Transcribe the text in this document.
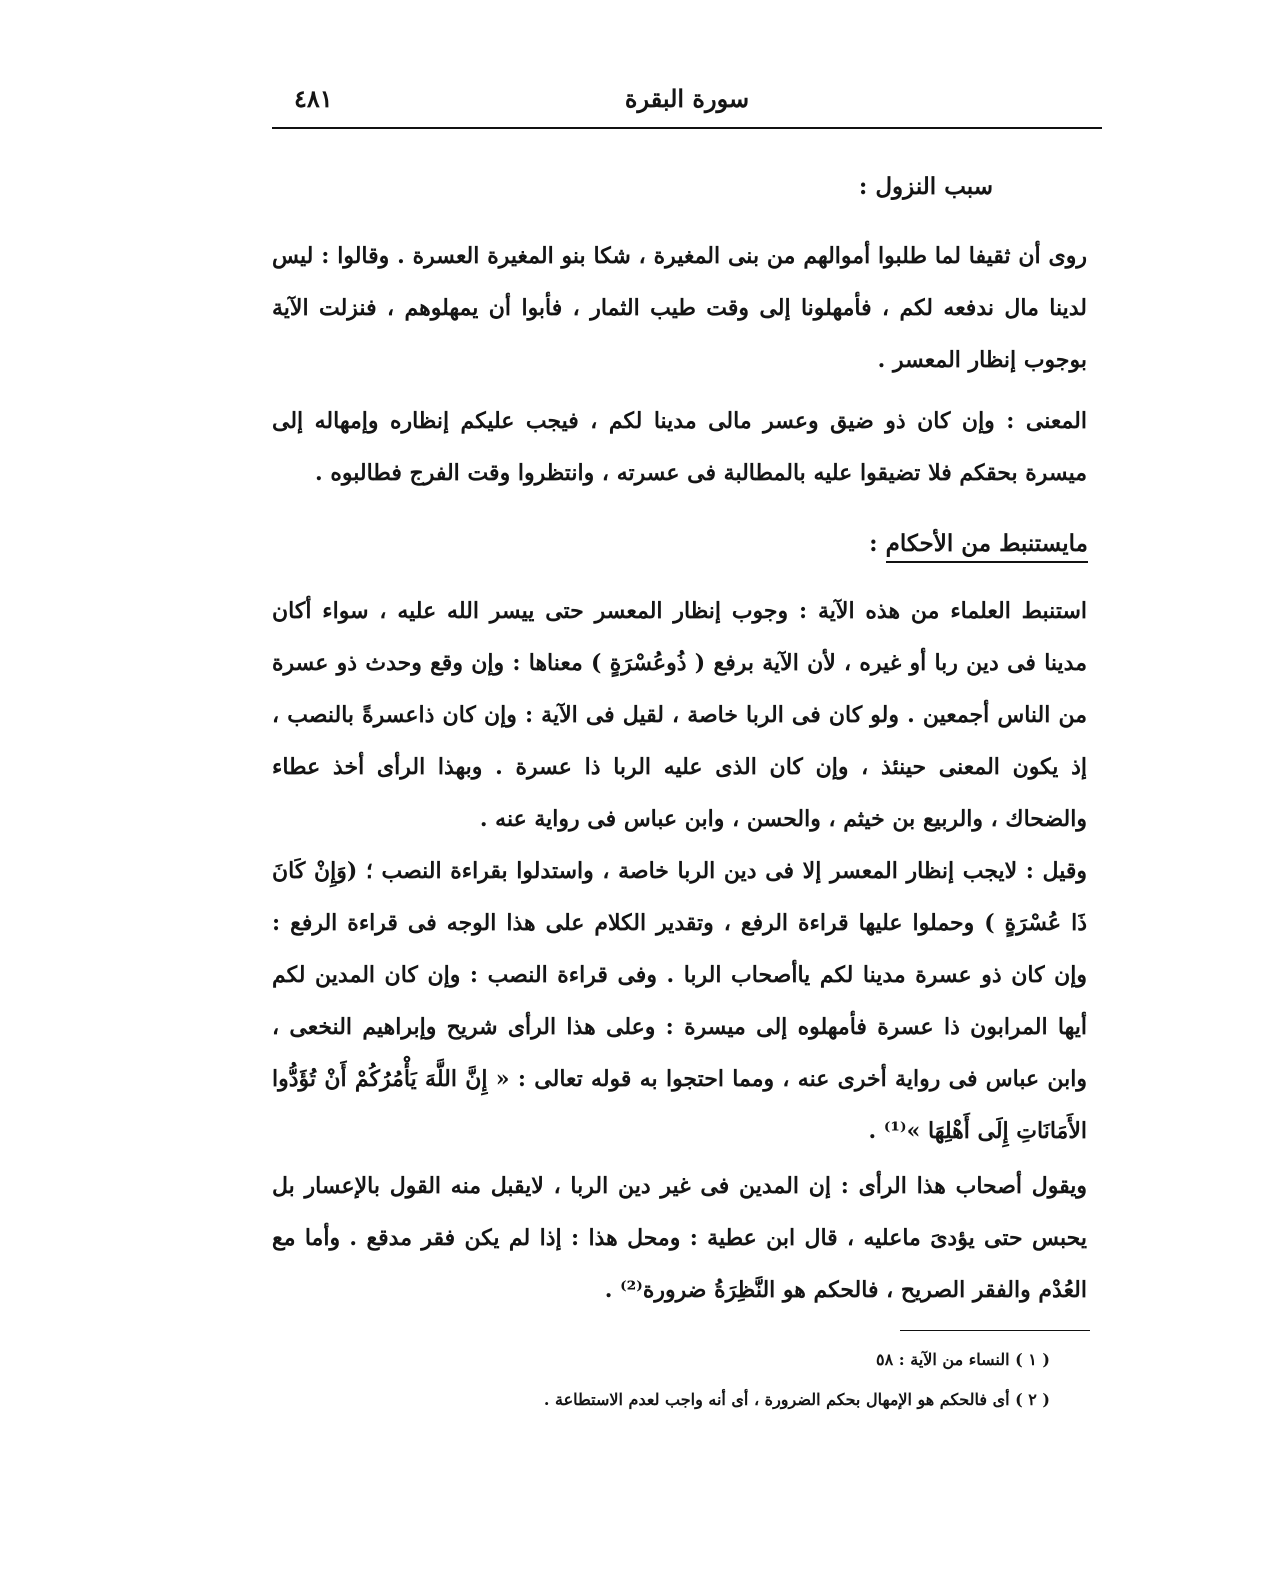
سورة البقرة
٤٨١

سبب النزول :

روى أن ثقيفا لما طلبوا أموالهم من بنى المغيرة ، شكا بنو المغيرة العسرة . وقالوا : ليس لدينا مال ندفعه لكم ، فأمهلونا إلى وقت طيب الثمار ، فأبوا أن يمهلوهم ، فنزلت الآية بوجوب إنظار المعسر .

المعنى : وإن كان ذو ضيق وعسر مالى مدينا لكم ، فيجب عليكم إنظاره وإمهاله إلى ميسرة بحقكم فلا تضيقوا عليه بالمطالبة فى عسرته ، وانتظروا وقت الفرج فطالبوه .

مايستنبط من الأحكام :

استنبط العلماء من هذه الآية : وجوب إنظار المعسر حتى ييسر الله عليه ، سواء أكان مدينا فى دين ربا أو غيره ، لأن الآية برفع ( ذُوعُسْرَةٍ ) معناها : وإن وقع وحدث ذو عسرة من الناس أجمعين . ولو كان فى الربا خاصة ، لقيل فى الآية : وإن كان ذاعسرةً بالنصب ، إذ يكون المعنى حينئذ ، وإن كان الذى عليه الربا ذا عسرة . وبهذا الرأى أخذ عطاء والضحاك ، والربيع بن خيثم ، والحسن ، وابن عباس فى رواية عنه .

وقيل : لايجب إنظار المعسر إلا فى دين الربا خاصة ، واستدلوا بقراءة النصب ؛ (وَإِنْ كَانَ ذَا عُسْرَةٍ ) وحملوا عليها قراءة الرفع ، وتقدير الكلام على هذا الوجه فى قراءة الرفع : وإن كان ذو عسرة مدينا لكم ياأصحاب الربا . وفى قراءة النصب : وإن كان المدين لكم أيها المرابون ذا عسرة فأمهلوه إلى ميسرة : وعلى هذا الرأى شريح وإبراهيم النخعى ، وابن عباس فى رواية أخرى عنه ، ومما احتجوا به قوله تعالى : « إِنَّ اللَّهَ يَأْمُرُكُمْ أَنْ تُؤَدُّوا الأَمَانَاتِ إِلَى أَهْلِهَا »⁽¹⁾ .

ويقول أصحاب هذا الرأى : إن المدين فى غير دين الربا ، لايقبل منه القول بالإعسار بل يحبس حتى يؤدىَ ماعليه ، قال ابن عطية : ومحل هذا : إذا لم يكن فقر مدقع . وأما مع العُدْم والفقر الصريح ، فالحكم هو النَّظِرَةُ ضرورة⁽²⁾ .

( ١ ) النساء من الآية : ٥٨

( ٢ ) أى فالحكم هو الإمهال بحكم الضرورة ، أى أنه واجب لعدم الاستطاعة .
